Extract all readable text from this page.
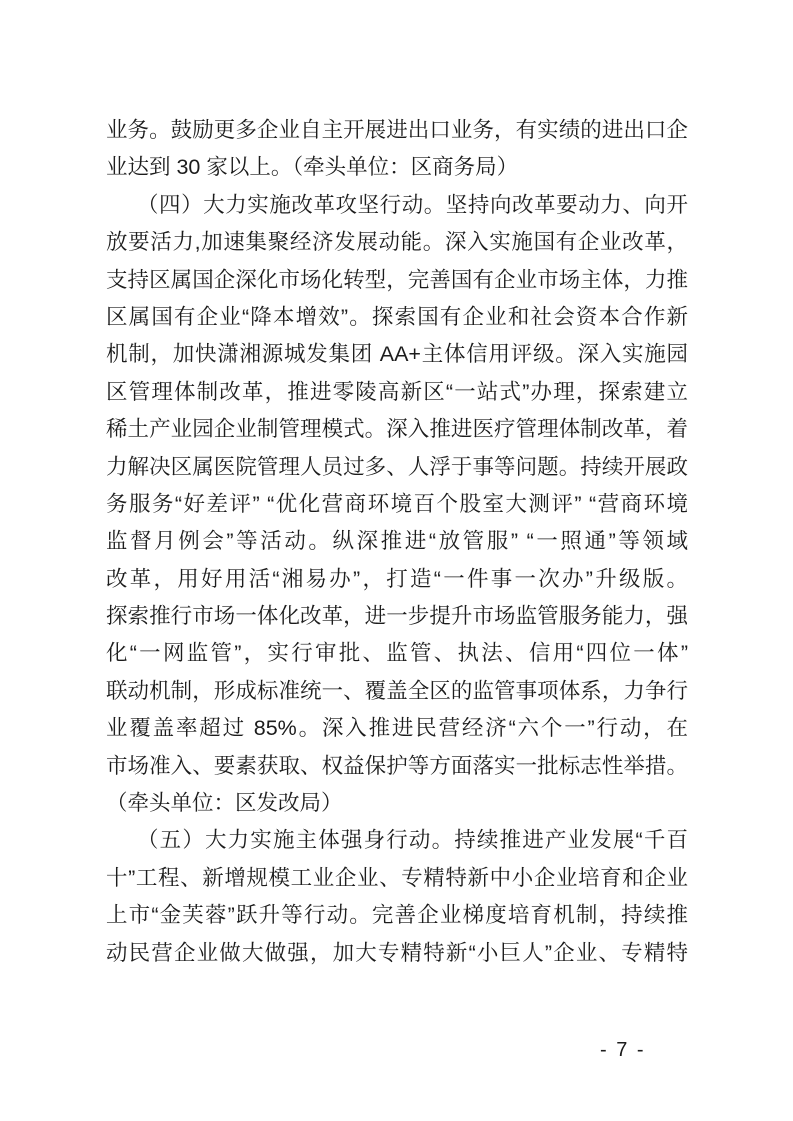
业务。鼓励更多企业自主开展进出口业务，有实绩的进出口企
业达到 30 家以上。（牵头单位：区商务局）
（四）大力实施改革攻坚行动。坚持向改革要动力、向开
放要活力,加速集聚经济发展动能。深入实施国有企业改革，
支持区属国企深化市场化转型，完善国有企业市场主体，力推
区属国有企业“降本增效”。探索国有企业和社会资本合作新
机制，加快潇湘源城发集团 AA+主体信用评级。深入实施园
区管理体制改革，推进零陵高新区“一站式”办理，探索建立
稀土产业园企业制管理模式。深入推进医疗管理体制改革，着
力解决区属医院管理人员过多、人浮于事等问题。持续开展政
务服务“好差评” “优化营商环境百个股室大测评” “营商环境
监督月例会”等活动。纵深推进“放管服” “一照通”等领域
改革，用好用活“湘易办”，打造“一件事一次办”升级版。
探索推行市场一体化改革，进一步提升市场监管服务能力，强
化“一网监管”，实行审批、监管、执法、信用“四位一体”
联动机制，形成标准统一、覆盖全区的监管事项体系，力争行
业覆盖率超过 85%。深入推进民营经济“六个一”行动，在
市场准入、要素获取、权益保护等方面落实一批标志性举措。
（牵头单位：区发改局）
（五）大力实施主体强身行动。持续推进产业发展“千百
十”工程、新增规模工业企业、专精特新中小企业培育和企业
上市“金芙蓉”跃升等行动。完善企业梯度培育机制，持续推
动民营企业做大做强，加大专精特新“小巨人”企业、专精特
- 7 -
